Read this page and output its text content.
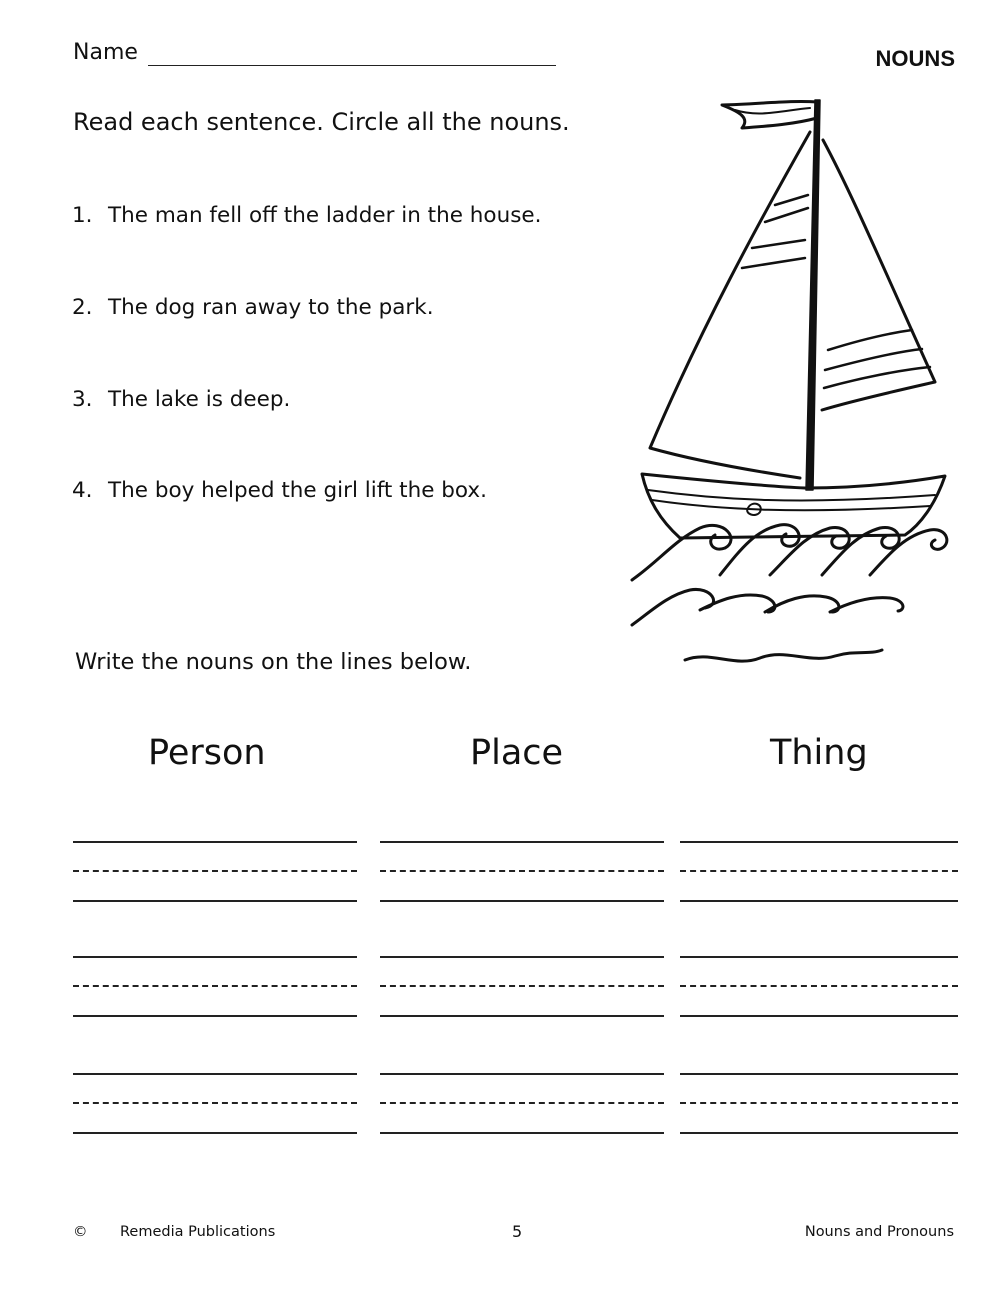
Name	NOUNS
Read each sentence. Circle all the nouns.
1. The man fell off the ladder in the house.
2. The dog ran away to the park.
3. The lake is deep.
4. The boy helped the girl lift the box.
Write the nouns on the lines below.
Person	Place	Thing
© Remedia Publications	5	Nouns and Pronouns
